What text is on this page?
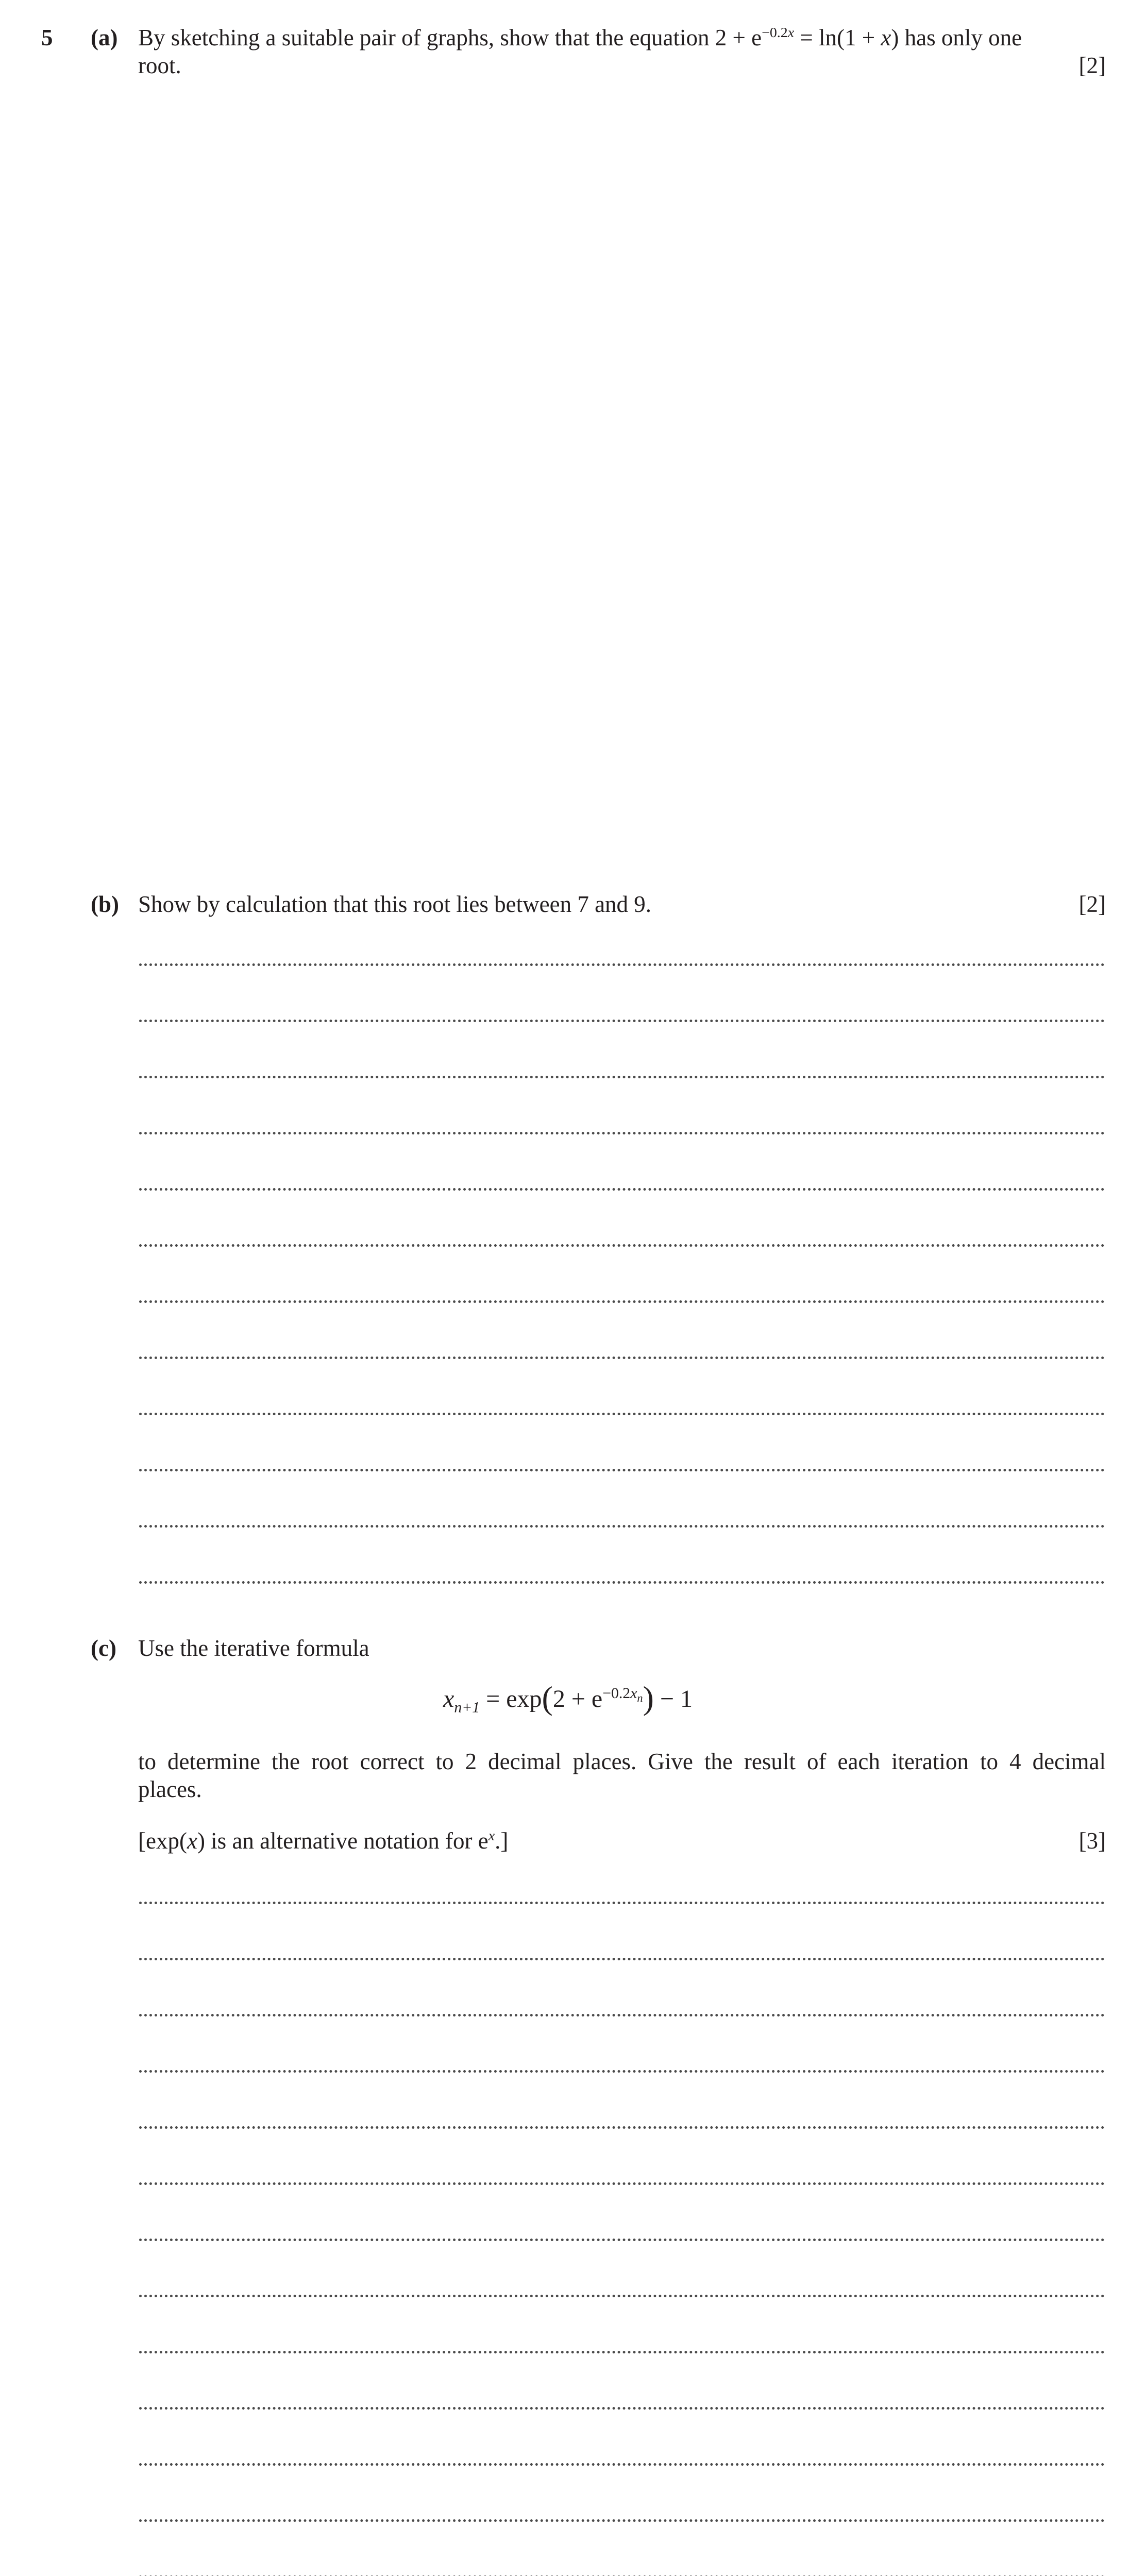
5 (a) By sketching a suitable pair of graphs, show that the equation $2 + e^{-0.2x} = \ln(1 + x)$ has only one
root.	[2]
(b) Show by calculation that this root lies between 7 and 9.	[2]
(c) Use the iterative formula
$x_{n+1} = \exp(2 + e^{-0.2x_n}) - 1$
to determine the root correct to 2 decimal places. Give the result of each iteration to 4 decimal
places.
[exp(x) is an alternative notation for $e^x$.]	[3]
